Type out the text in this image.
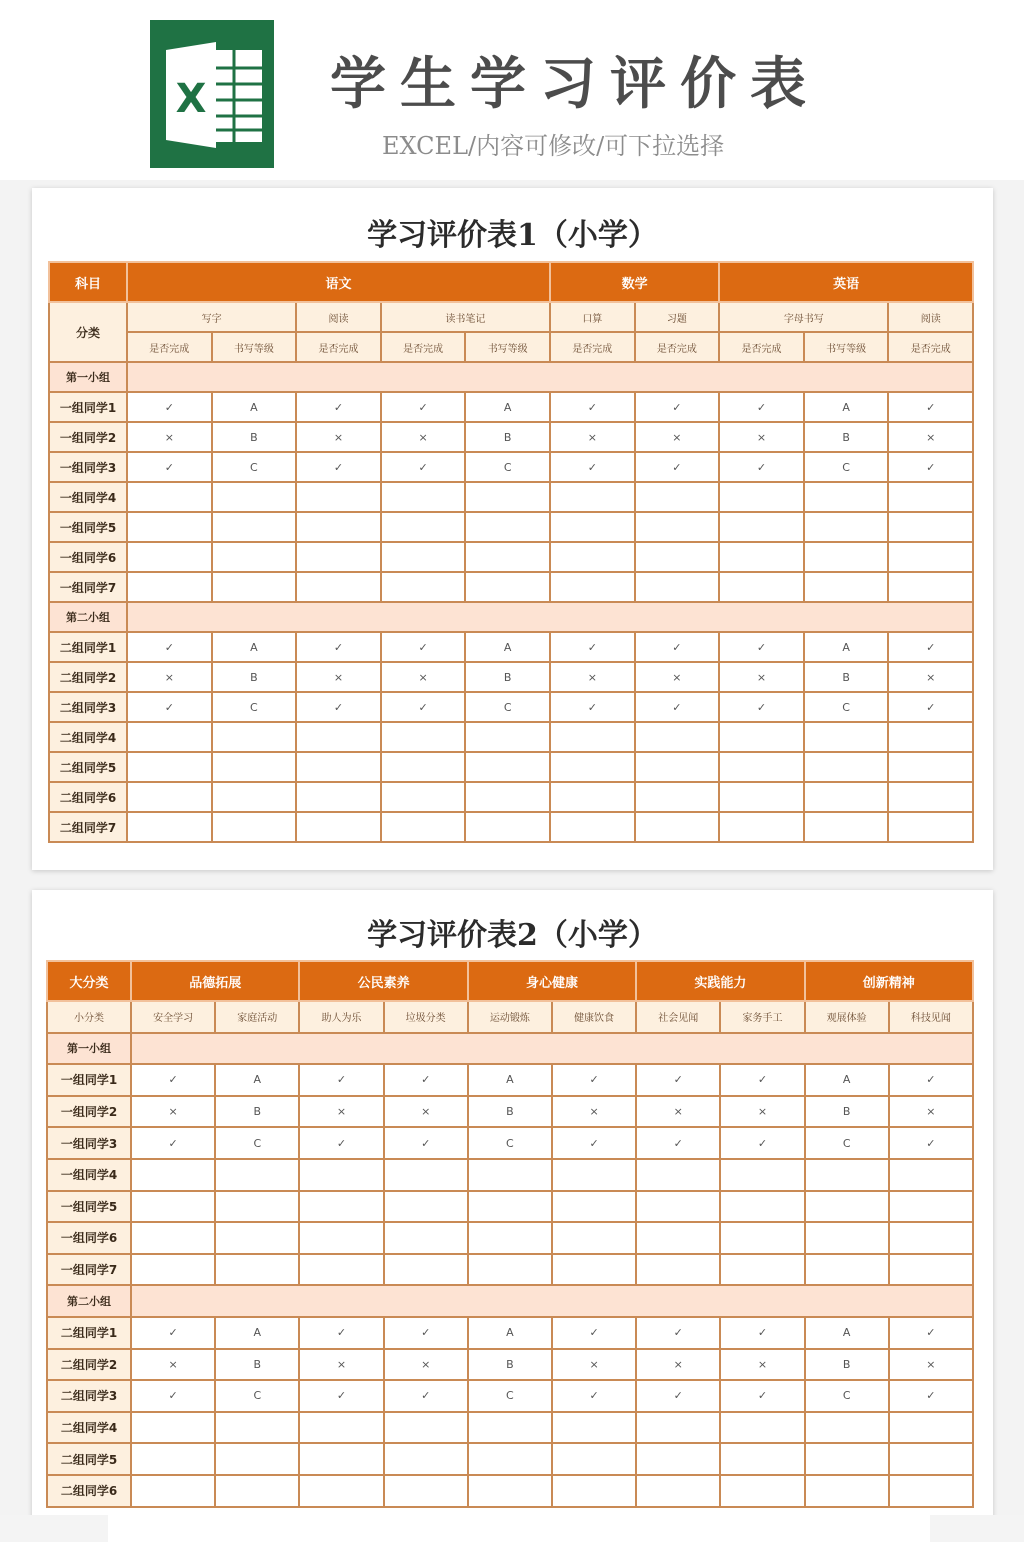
X 学生学习评价表
EXCEL/内容可修改/可下拉选择
学习评价表1（小学）
科目	语文					数学		英语		
分类	写字		阅读	读书笔记		口算	习题	字母书写		阅读
	是否完成	书写等级	是否完成	是否完成	书写等级	是否完成	是否完成	是否完成	书写等级	是否完成
第一小组										
一组同学1	✓	A	✓	✓	A	✓	✓	✓	A	✓
一组同学2	×	B	×	×	B	×	×	×	B	×
一组同学3	✓	C	✓	✓	C	✓	✓	✓	C	✓
一组同学4										
一组同学5										
一组同学6										
一组同学7										
第二小组										
二组同学1	✓	A	✓	✓	A	✓	✓	✓	A	✓
二组同学2	×	B	×	×	B	×	×	×	B	×
二组同学3	✓	C	✓	✓	C	✓	✓	✓	C	✓
二组同学4										
二组同学5										
二组同学6										
二组同学7										
学习评价表2（小学）
大分类	品德拓展		公民素养		身心健康		实践能力		创新精神	
小分类	安全学习	家庭活动	助人为乐	垃圾分类	运动锻炼	健康饮食	社会见闻	家务手工	观展体验	科技见闻
第一小组										
一组同学1	✓	A	✓	✓	A	✓	✓	✓	A	✓
一组同学2	×	B	×	×	B	×	×	×	B	×
一组同学3	✓	C	✓	✓	C	✓	✓	✓	C	✓
一组同学4										
一组同学5										
一组同学6										
一组同学7										
第二小组										
二组同学1	✓	A	✓	✓	A	✓	✓	✓	A	✓
二组同学2	×	B	×	×	B	×	×	×	B	×
二组同学3	✓	C	✓	✓	C	✓	✓	✓	C	✓
二组同学4										
二组同学5										
二组同学6										
